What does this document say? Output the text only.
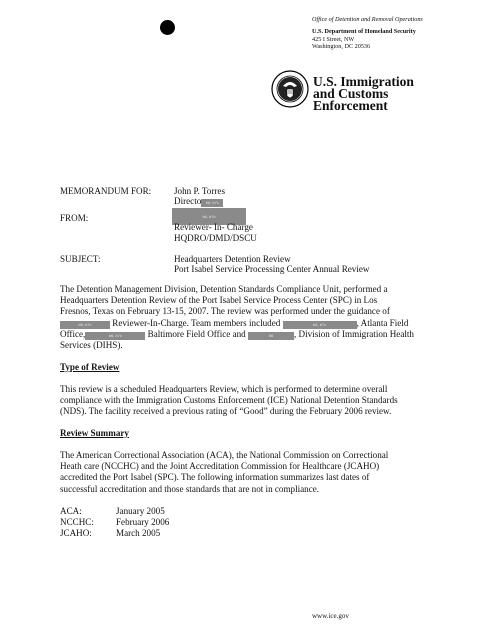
Office of Detention and Removal Operations
U.S. Department of Homeland Security
425 I Street, NW
Washington, DC 20536
U.S. Immigration
and Customs
Enforcement
MEMORANDUM FOR:	John P. Torres
Directo b6, b7c
FROM:	b6, b7c
Reviewer- In- Charge
HQDRO/DMD/DSCU
SUBJECT:	Headquarters Detention Review
Port Isabel Service Processing Center Annual Review
The Detention Management Division, Detention Standards Compliance Unit, performed a
Headquarters Detention Review of the Port Isabel Service Process Center (SPC) in Los
Fresnos, Texas on February 13-15, 2007. The review was performed under the guidance of
b6, b7c Reviewer-In-Charge. Team members included	b6, b7c	, Atlanta Field
Office,	b6, b7c	Baltimore Field Office and	b6 , Division of Immigration Health
Services (DIHS).
Type of Review
This review is a scheduled Headquarters Review, which is performed to determine overall
compliance with the Immigration Customs Enforcement (ICE) National Detention Standards
(NDS). The facility received a previous rating of “Good” during the February 2006 review.
Review Summary
The American Correctional Association (ACA), the National Commission on Correctional
Heath care (NCCHC) and the Joint Accreditation Commission for Healthcare (JCAHO)
accredited the Port Isabel (SPC). The following information summarizes last dates of
successful accreditation and those standards that are not in compliance.
ACA:	January 2005
NCCHC:	February 2006
JCAHO:	March 2005
www.ice.gov
